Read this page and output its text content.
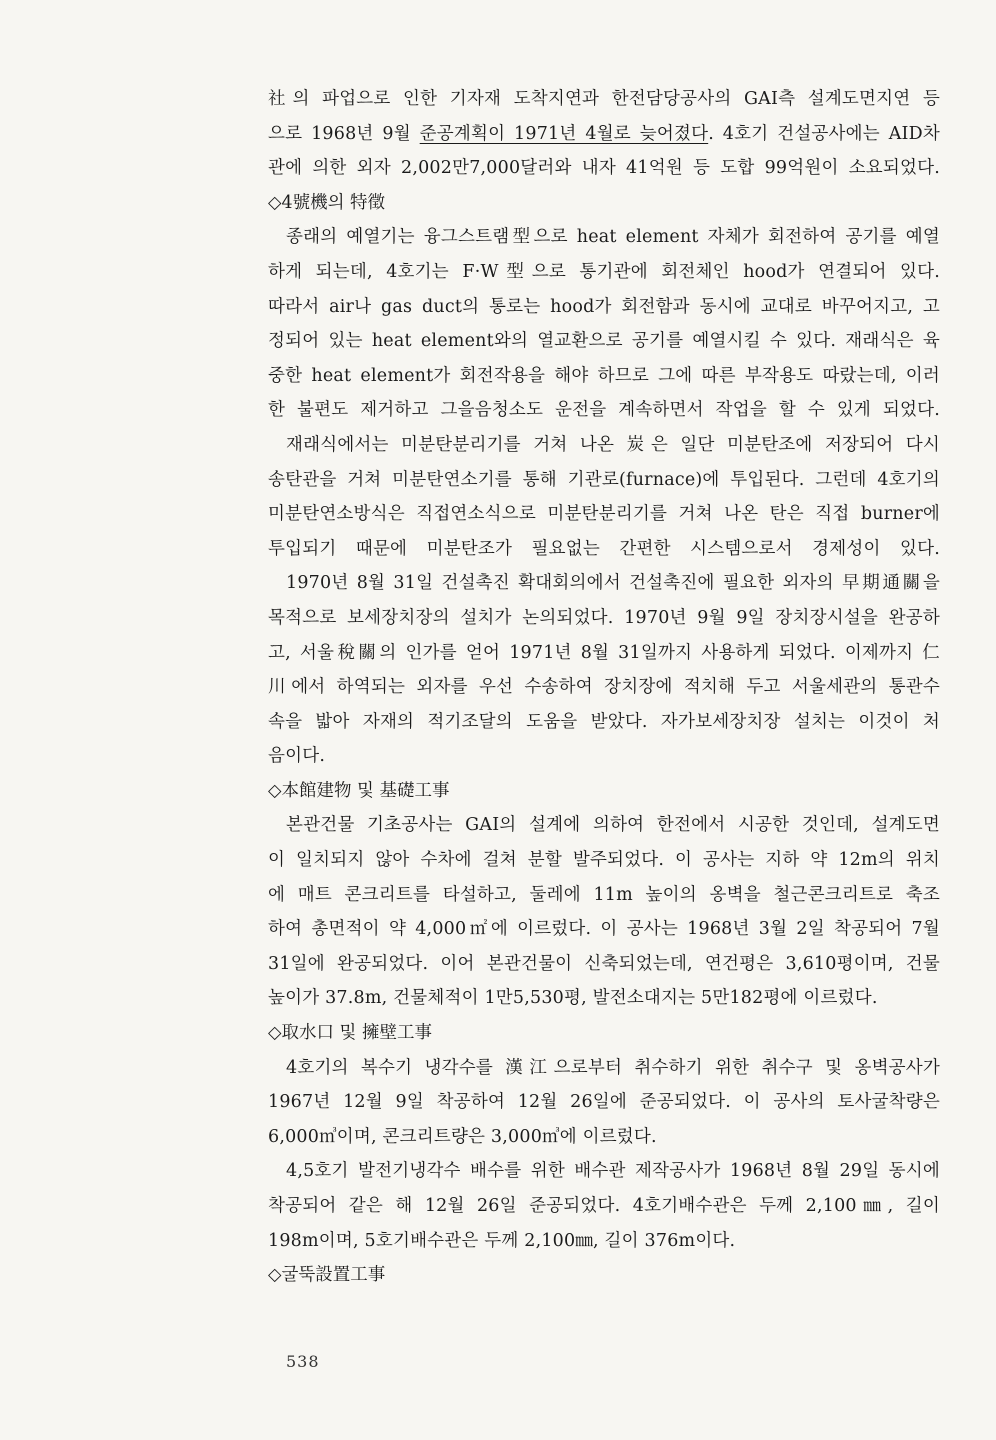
社의 파업으로 인한 기자재 도착지연과 한전담당공사의 GAI측 설계도면지연 등
으로 1968년 9월 준공계획이 1971년 4월로 늦어졌다. 4호기 건설공사에는 AID차
관에 의한 외자 2,002만7,000달러와 내자 41억원 등 도합 99억원이 소요되었다.
◇4號機의 特徵
종래의 예열기는 융그스트램型으로 heat element 자체가 회전하여 공기를 예열
하게 되는데, 4호기는 F·W型으로 통기관에 회전체인 hood가 연결되어 있다.
따라서 air나 gas duct의 통로는 hood가 회전함과 동시에 교대로 바꾸어지고, 고
정되어 있는 heat element와의 열교환으로 공기를 예열시킬 수 있다. 재래식은 육
중한 heat element가 회전작용을 해야 하므로 그에 따른 부작용도 따랐는데, 이러
한 불편도 제거하고 그을음청소도 운전을 계속하면서 작업을 할 수 있게 되었다.
재래식에서는 미분탄분리기를 거쳐 나온 炭은 일단 미분탄조에 저장되어 다시
송탄관을 거쳐 미분탄연소기를 통해 기관로(furnace)에 투입된다. 그런데 4호기의
미분탄연소방식은 직접연소식으로 미분탄분리기를 거쳐 나온 탄은 직접 burner에
투입되기 때문에 미분탄조가 필요없는 간편한 시스템으로서 경제성이 있다.
1970년 8월 31일 건설촉진 확대회의에서 건설촉진에 필요한 외자의 早期通關을
목적으로 보세장치장의 설치가 논의되었다. 1970년 9월 9일 장치장시설을 완공하
고, 서울稅關의 인가를 얻어 1971년 8월 31일까지 사용하게 되었다. 이제까지 仁
川에서 하역되는 외자를 우선 수송하여 장치장에 적치해 두고 서울세관의 통관수
속을 밟아 자재의 적기조달의 도움을 받았다. 자가보세장치장 설치는 이것이 처
음이다.
◇本館建物 및 基礎工事
본관건물 기초공사는 GAI의 설계에 의하여 한전에서 시공한 것인데, 설계도면
이 일치되지 않아 수차에 걸쳐 분할 발주되었다. 이 공사는 지하 약 12m의 위치
에 매트 콘크리트를 타설하고, 둘레에 11m 높이의 옹벽을 철근콘크리트로 축조
하여 총면적이 약 4,000㎡에 이르렀다. 이 공사는 1968년 3월 2일 착공되어 7월
31일에 완공되었다. 이어 본관건물이 신축되었는데, 연건평은 3,610평이며, 건물
높이가 37.8m, 건물체적이 1만5,530평, 발전소대지는 5만182평에 이르렀다.
◇取水口 및 擁壁工事
4호기의 복수기 냉각수를 漢江으로부터 취수하기 위한 취수구 및 옹벽공사가
1967년 12월 9일 착공하여 12월 26일에 준공되었다. 이 공사의 토사굴착량은
6,000㎥이며, 콘크리트량은 3,000㎥에 이르렀다.
4,5호기 발전기냉각수 배수를 위한 배수관 제작공사가 1968년 8월 29일 동시에
착공되어 같은 해 12월 26일 준공되었다. 4호기배수관은 두께 2,100㎜, 길이
198m이며, 5호기배수관은 두께 2,100㎜, 길이 376m이다.
◇굴뚝設置工事
538
